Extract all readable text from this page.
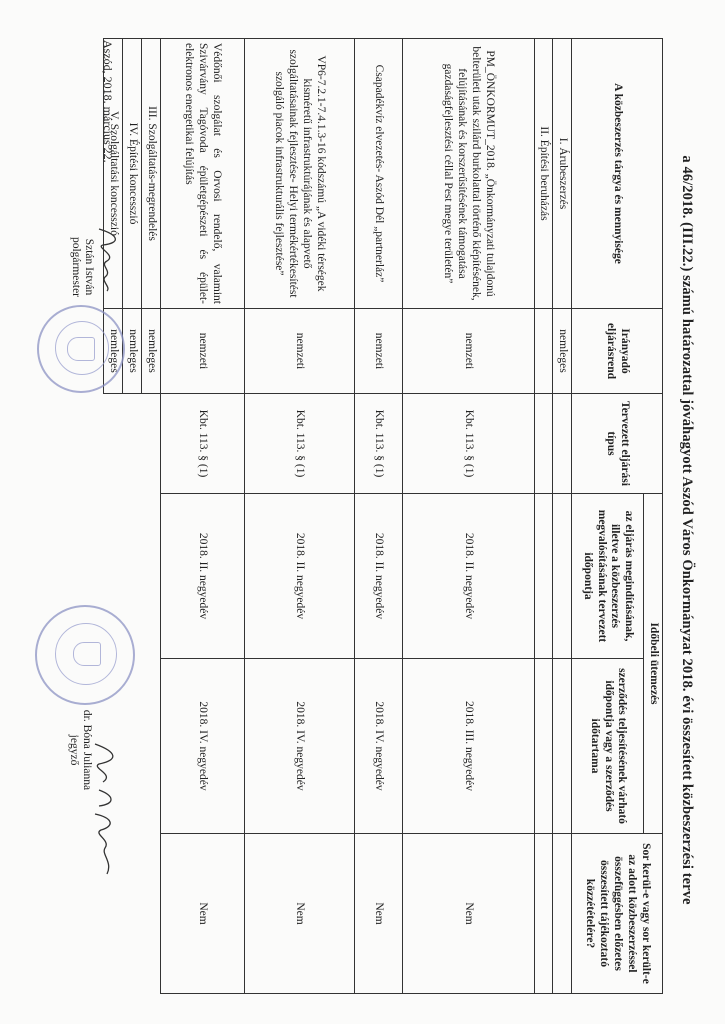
a 46/2018. (III.22.) számú határozattal jóváhagyott Aszód Város Önkormányzat 2018. évi összesített közbeszerzési terve
A közbeszerzés tárgya és mennyisége	Irányadó eljárásrend	Tervezett eljárási típus	Időbeli ütemezés		Sor kerül-e vagy sor került-e az adott közbeszerzéssel összefüggésben előzetes összesített tájékoztató közzétételére?
			az eljárás megindításának, illetve a közbeszerzés megvalósításának tervezett időpontja	szerződés teljesítésének várható időpontja vagy a szerződés időtartama	
I. Árubeszerzés	nemleges				
II. Építési beruházás					
PM_ÖNKORMUT_2018. „Önkormányzati tulajdonú belterületi utak szilárd burkolattal történő kiépítésének, felújításának és korszerűsítésének támogatása gazdaságfejlesztési céllal Pest megye területén”	nemzeti	Kbt. 113. § (1)	2018. II. negyedév	2018. III. negyedév	Nem
Csapadékvíz elvezetés- Aszód Dél „partnerláz”	nemzeti	Kbt. 113. § (1)	2018. II. negyedév	2018. IV. negyedév	Nem
VP6-7.2.1-7.4.1.3-16 kódszámú „A vidéki térségek kisméretű infrastruktúrájának és alapvető szolgáltatásainak fejlesztése- Helyi termékértékesítést szolgáló piacok infrastrukturális fejlesztése”	nemzeti	Kbt. 113. § (1)	2018. II. negyedév	2018. IV. negyedév	Nem
Védőnői szolgálat és Orvosi rendelő, valamint Szivárvány Tagóvoda épületgépészeti és épület-elektronos energetikai felújítás	nemzeti	Kbt. 113. § (1)	2018. II. negyedév	2018. IV. negyedév	Nem
III. Szolgáltatás-megrendelés	nemleges				
IV. Építési koncesszió	nemleges				
V. Szolgáltatási koncesszió	nemleges				
Aszód, 2018. március 22.
Sztán István
polgármester
dr. Bóna Julianna
jegyző
